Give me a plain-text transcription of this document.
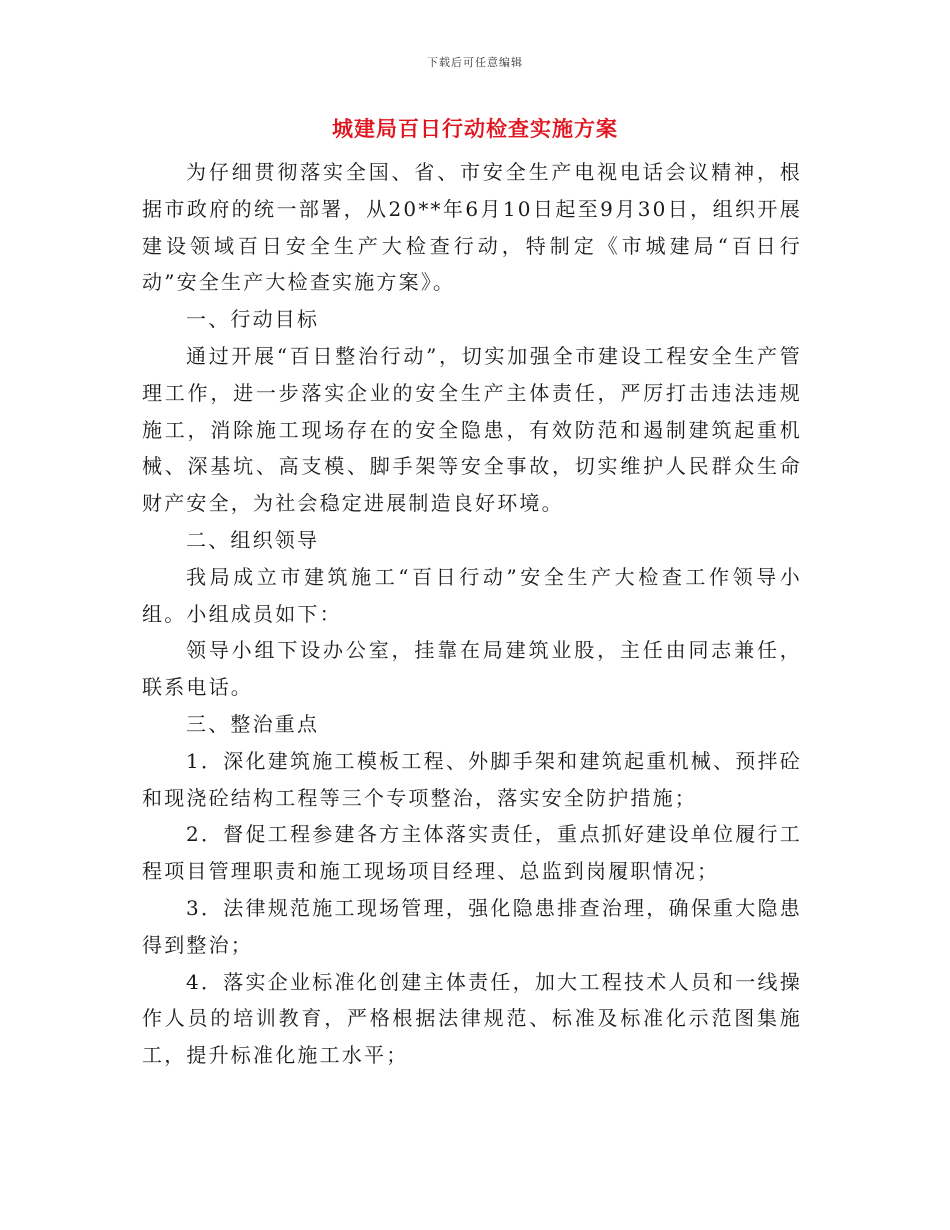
下载后可任意编辑
城建局百日行动检查实施方案

为仔细贯彻落实全国、省、市安全生产电视电话会议精神，根据市政府的统一部署，从20**年6月10日起至9月30日，组织开展建设领域百日安全生产大检查行动，特制定《市城建局“百日行动”安全生产大检查实施方案》。

一、行动目标

通过开展“百日整治行动”，切实加强全市建设工程安全生产管理工作，进一步落实企业的安全生产主体责任，严厉打击违法违规施工，消除施工现场存在的安全隐患，有效防范和遏制建筑起重机械、深基坑、高支模、脚手架等安全事故，切实维护人民群众生命财产安全，为社会稳定进展制造良好环境。

二、组织领导

我局成立市建筑施工“百日行动”安全生产大检查工作领导小组。小组成员如下：

领导小组下设办公室，挂靠在局建筑业股，主任由同志兼任，联系电话。

三、整治重点

1．深化建筑施工模板工程、外脚手架和建筑起重机械、预拌砼和现浇砼结构工程等三个专项整治，落实安全防护措施；

2．督促工程参建各方主体落实责任，重点抓好建设单位履行工程项目管理职责和施工现场项目经理、总监到岗履职情况；

3．法律规范施工现场管理，强化隐患排查治理，确保重大隐患得到整治；

4．落实企业标准化创建主体责任，加大工程技术人员和一线操作人员的培训教育，严格根据法律规范、标准及标准化示范图集施工，提升标准化施工水平；
